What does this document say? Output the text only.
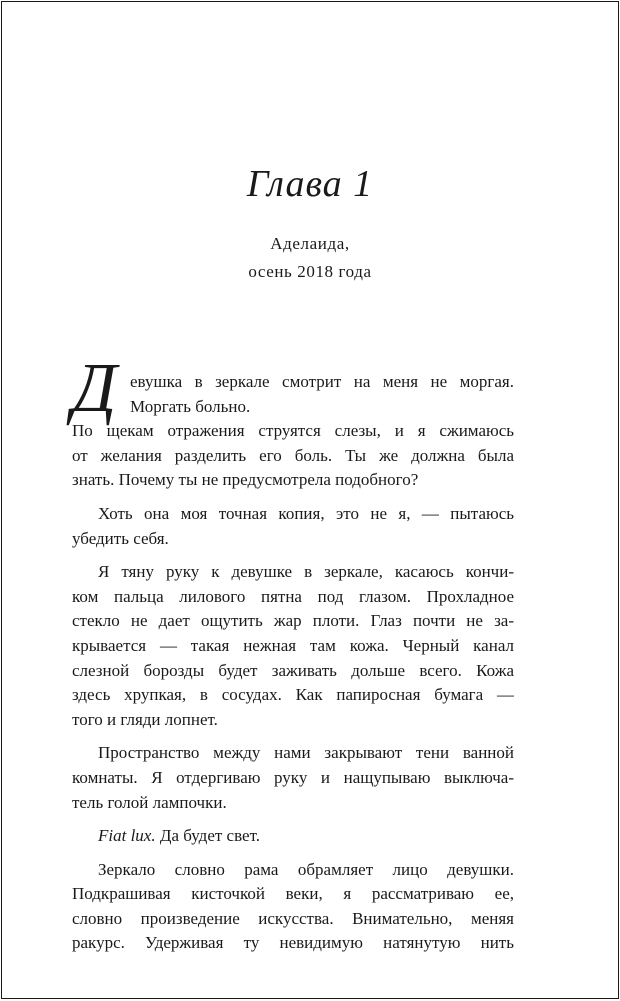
Глава 1
Аделаида,
осень 2018 года
Д евушка в зеркале смотрит на меня не моргая.
Моргать больно.
По щекам отражения струятся слезы, и я сжимаюсь
от желания разделить его боль. Ты же должна была
знать. Почему ты не предусмотрела подобного?
Хоть она моя точная копия, это не я, — пытаюсь
убедить себя.
Я тяну руку к девушке в зеркале, касаюсь кончи-
ком пальца лилового пятна под глазом. Прохладное
стекло не дает ощутить жар плоти. Глаз почти не за-
крывается — такая нежная там кожа. Черный канал
слезной борозды будет заживать дольше всего. Кожа
здесь хрупкая, в сосудах. Как папиросная бумага —
того и гляди лопнет.
Пространство между нами закрывают тени ванной
комнаты. Я отдергиваю руку и нащупываю выключа-
тель голой лампочки.
Fiat lux. Да будет свет.
Зеркало словно рама обрамляет лицо девушки.
Подкрашивая кисточкой веки, я рассматриваю ее,
словно произведение искусства. Внимательно, меняя
ракурс. Удерживая ту невидимую натянутую нить
